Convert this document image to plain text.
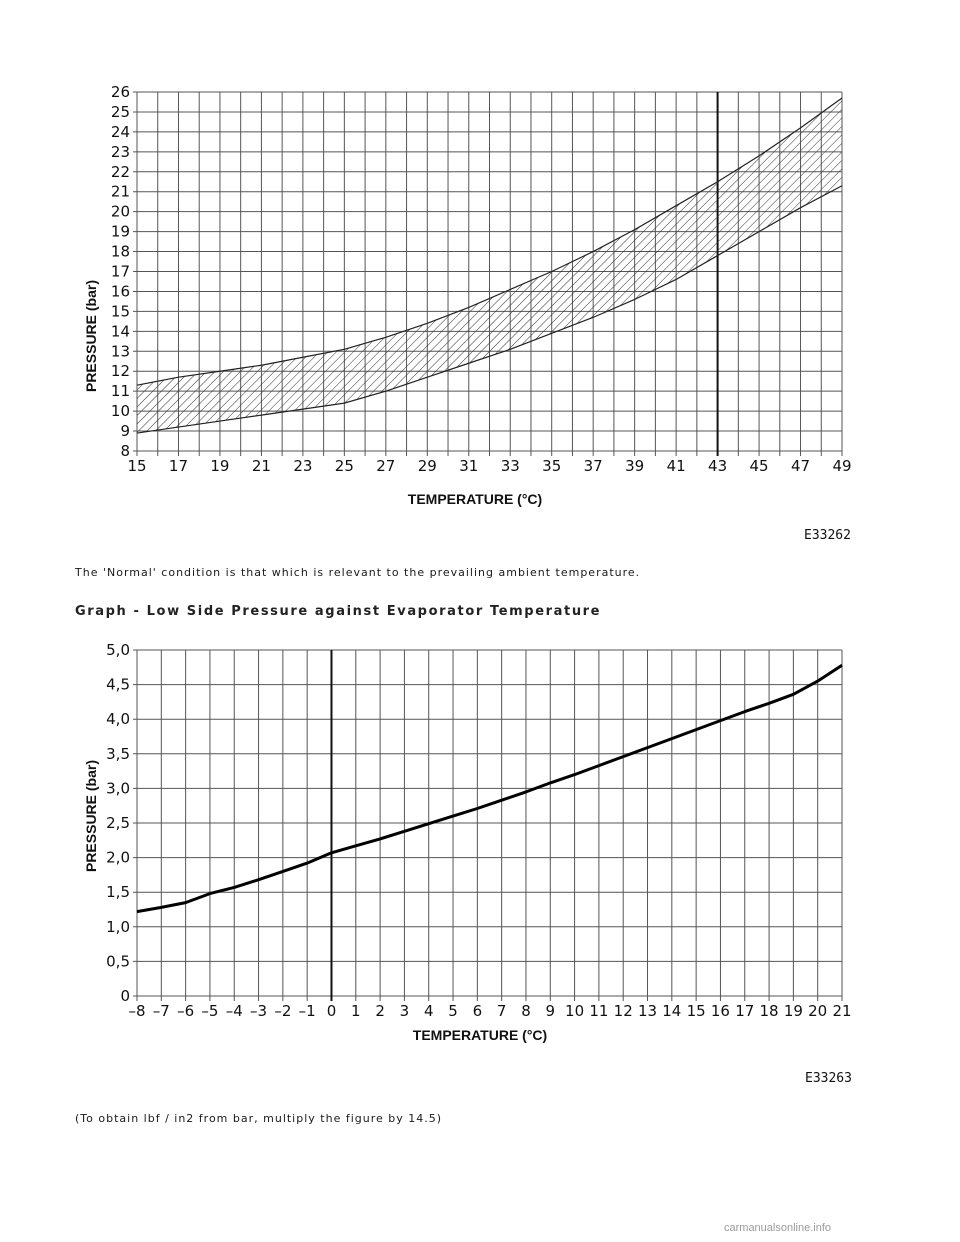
8
9
10
11
12
13
14
15
16
17
18
19
20
21
22
23
24
25
26
15 17 19 21 23 25 27 29 31 33 35 37 39 41 43 45 47 49
PRESSURE (bar)
TEMPERATURE (°C)
E33262
The 'Normal' condition is that which is relevant to the prevailing ambient temperature.
Graph - Low Side Pressure against Evaporator Temperature
0
0,5
1,0
1,5
2,0
2,5
3,0
3,5
4,0
4,5
5,0
–8 –7 –6 –5 –4 –3 –2 –1 0 1 2 3 4 5 6 7 8 9 10 11 12 13 14 15 16 17 18 19 20 21
PRESSURE (bar)
TEMPERATURE (°C)
E33263
(To obtain lbf / in2 from bar, multiply the figure by 14.5)
carmanualsonline.info
